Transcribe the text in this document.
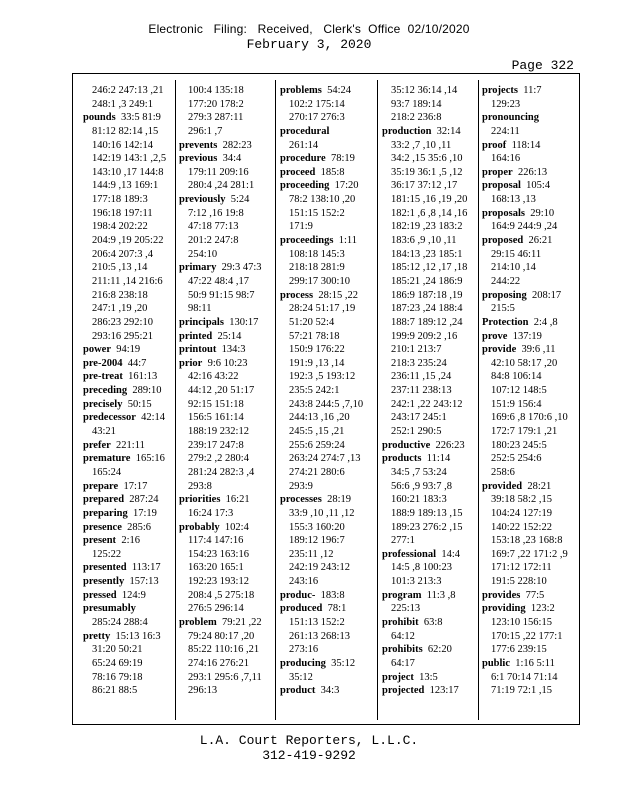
Electronic   Filing:   Received,   Clerk's  Office  02/10/2020
February 3, 2020
Page 322
246:2 247:13 ,21
248:1 ,3 249:1
pounds 33:5 81:9
81:12 82:14 ,15
140:16 142:14
142:19 143:1 ,2,5
143:10 ,17 144:8
144:9 ,13 169:1
177:18 189:3
196:18 197:11
198:4 202:22
204:9 ,19 205:22
206:4 207:3 ,4
210:5 ,13 ,14
211:11 ,14 216:6
216:8 238:18
247:1 ,19 ,20
286:23 292:10
293:16 295:21
power 94:19
pre-2004 44:7
pre-treat 161:13
preceding 289:10
precisely 50:15
predecessor 42:14
43:21
prefer 221:11
premature 165:16
165:24
prepare 17:17
prepared 287:24
preparing 17:19
presence 285:6
present 2:16
125:22
presented 113:17
presently 157:13
pressed 124:9
presumably
285:24 288:4
pretty 15:13 16:3
31:20 50:21
65:24 69:19
78:16 79:18
86:21 88:5
100:4 135:18
177:20 178:2
279:3 287:11
296:1 ,7
prevents 282:23
previous 34:4
179:11 209:16
280:4 ,24 281:1
previously 5:24
7:12 ,16 19:8
47:18 77:13
201:2 247:8
254:10
primary 29:3 47:3
47:22 48:4 ,17
50:9 91:15 98:7
98:11
principals 130:17
printed 25:14
printout 134:3
prior 9:6 10:23
42:16 43:22
44:12 ,20 51:17
92:15 151:18
156:5 161:14
188:19 232:12
239:17 247:8
279:2 ,2 280:4
281:24 282:3 ,4
293:8
priorities 16:21
16:24 17:3
probably 102:4
117:4 147:16
154:23 163:16
163:20 165:1
192:23 193:12
208:4 ,5 275:18
276:5 296:14
problem 79:21 ,22
79:24 80:17 ,20
85:22 110:16 ,21
274:16 276:21
293:1 295:6 ,7,11
296:13
problems 54:24
102:2 175:14
270:17 276:3
procedural
261:14
procedure 78:19
proceed 185:8
proceeding 17:20
78:2 138:10 ,20
151:15 152:2
171:9
proceedings 1:11
108:18 145:3
218:18 281:9
299:17 300:10
process 28:15 ,22
28:24 51:17 ,19
51:20 52:4
57:21 78:18
150:9 176:22
191:9 ,13 ,14
192:3 ,5 193:12
235:5 242:1
243:8 244:5 ,7,10
244:13 ,16 ,20
245:5 ,15 ,21
255:6 259:24
263:24 274:7 ,13
274:21 280:6
293:9
processes 28:19
33:9 ,10 ,11 ,12
155:3 160:20
189:12 196:7
235:11 ,12
242:19 243:12
243:16
produc- 183:8
produced 78:1
151:13 152:2
261:13 268:13
273:16
producing 35:12
35:12
product 34:3
35:12 36:14 ,14
93:7 189:14
218:2 236:8
production 32:14
33:2 ,7 ,10 ,11
34:2 ,15 35:6 ,10
35:19 36:1 ,5 ,12
36:17 37:12 ,17
181:15 ,16 ,19 ,20
182:1 ,6 ,8 ,14 ,16
182:19 ,23 183:2
183:6 ,9 ,10 ,11
184:13 ,23 185:1
185:12 ,12 ,17 ,18
185:21 ,24 186:9
186:9 187:18 ,19
187:23 ,24 188:4
188:7 189:12 ,24
199:9 209:2 ,16
210:1 213:7
218:3 235:24
236:11 ,15 ,24
237:11 238:13
242:1 ,22 243:12
243:17 245:1
252:1 290:5
productive 226:23
products 11:14
34:5 ,7 53:24
56:6 ,9 93:7 ,8
160:21 183:3
188:9 189:13 ,15
189:23 276:2 ,15
277:1
professional 14:4
14:5 ,8 100:23
101:3 213:3
program 11:3 ,8
225:13
prohibit 63:8
64:12
prohibits 62:20
64:17
project 13:5
projected 123:17
projects 11:7
129:23
pronouncing
224:11
proof 118:14
164:16
proper 226:13
proposal 105:4
168:13 ,13
proposals 29:10
164:9 244:9 ,24
proposed 26:21
29:15 46:11
214:10 ,14
244:22
proposing 208:17
215:5
Protection 2:4 ,8
prove 137:19
provide 39:6 ,11
42:10 58:17 ,20
84:8 106:14
107:12 148:5
151:9 156:4
169:6 ,8 170:6 ,10
172:7 179:1 ,21
180:23 245:5
252:5 254:6
258:6
provided 28:21
39:18 58:2 ,15
104:24 127:19
140:22 152:22
153:18 ,23 168:8
169:7 ,22 171:2 ,9
171:12 172:11
191:5 228:10
provides 77:5
providing 123:2
123:10 156:15
170:15 ,22 177:1
177:6 239:15
public 1:16 5:11
6:1 70:14 71:14
71:19 72:1 ,15
L.A. Court Reporters, L.L.C.
312-419-9292
